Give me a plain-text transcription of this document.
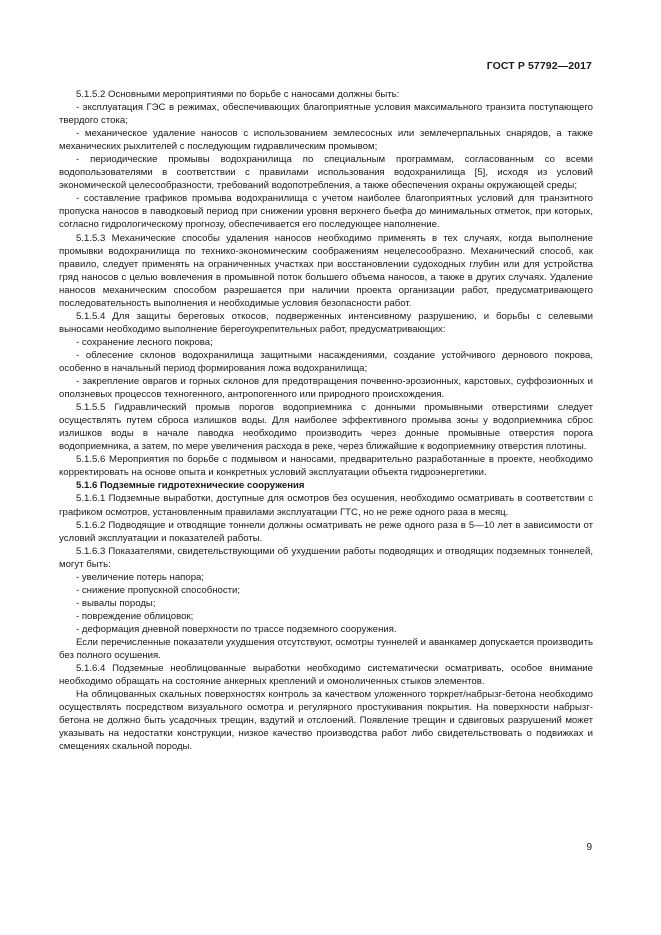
ГОСТ Р 57792—2017

5.1.5.2 Основными мероприятиями по борьбе с наносами должны быть:

- эксплуатация ГЭС в режимах, обеспечивающих благоприятные условия максимального транзита поступающего твердого стока;

- механическое удаление наносов с использованием землесосных или землечерпальных снарядов, а также механических рыхлителей с последующим гидравлическим промывом;

- периодические промывы водохранилища по специальным программам, согласованным со всеми водопользователями в соответствии с правилами использования водохранилища [5], исходя из условий экономической целесообразности, требований водопотребления, а также обеспечения охраны окружающей среды;

- составление графиков промыва водохранилища с учетом наиболее благоприятных условий для транзитного пропуска наносов в паводковый период при снижении уровня верхнего бьефа до минимальных отметок, при которых, согласно гидрологическому прогнозу, обеспечивается его последующее наполнение.

5.1.5.3 Механические способы удаления наносов необходимо применять в тех случаях, когда выполнение промывки водохранилища по технико-экономическим соображениям нецелесообразно. Механический способ, как правило, следует применять на ограниченных участках при восстановлении судоходных глубин или для устройства гряд наносов с целью вовлечения в промывной поток большего объема наносов, а также в других случаях. Удаление наносов механическим способом разрешается при наличии проекта организации работ, предусматривающего последовательность выполнения и необходимые условия безопасности работ.

5.1.5.4 Для защиты береговых откосов, подверженных интенсивному разрушению, и борьбы с селевыми выносами необходимо выполнение берегоукрепительных работ, предусматривающих:

- сохранение лесного покрова;

- облесение склонов водохранилища защитными насаждениями, создание устойчивого дернового покрова, особенно в начальный период формирования ложа водохранилища;

- закрепление оврагов и горных склонов для предотвращения почвенно-эрозионных, карстовых, суффозионных и оползневых процессов техногенного, антропогенного или природного происхождения.

5.1.5.5 Гидравлический промыв порогов водоприемника с донными промывными отверстиями следует осуществлять путем сброса излишков воды. Для наиболее эффективного промыва зоны у водоприемника сброс излишков воды в начале паводка необходимо производить через донные промывные отверстия порога водоприемника, а затем, по мере увеличения расхода в реке, через ближайшие к водоприемнику отверстия плотины.

5.1.5.6 Мероприятия по борьбе с подмывом и наносами, предварительно разработанные в проекте, необходимо корректировать на основе опыта и конкретных условий эксплуатации объекта гидроэнергетики.

5.1.6 Подземные гидротехнические сооружения

5.1.6.1 Подземные выработки, доступные для осмотров без осушения, необходимо осматривать в соответствии с графиком осмотров, установленным правилами эксплуатации ГТС, но не реже одного раза в месяц.

5.1.6.2 Подводящие и отводящие тоннели должны осматривать не реже одного раза в 5—10 лет в зависимости от условий эксплуатации и показателей работы.

5.1.6.3 Показателями, свидетельствующими об ухудшении работы подводящих и отводящих подземных тоннелей, могут быть:

- увеличение потерь напора;

- снижение пропускной способности;

- вывалы породы;

- повреждение облицовок;

- деформация дневной поверхности по трассе подземного сооружения.

Если перечисленные показатели ухудшения отсутствуют, осмотры туннелей и аванкамер допускается производить без полного осушения.

5.1.6.4 Подземные необлицованные выработки необходимо систематически осматривать, особое внимание необходимо обращать на состояние анкерных креплений и омоноличенных стыков элементов.

На облицованных скальных поверхностях контроль за качеством уложенного торкрет/набрызг-бетона необходимо осуществлять посредством визуального осмотра и регулярного простукивания покрытия. На поверхности набрызг-бетона не должно быть усадочных трещин, вздутий и отслоений. Появление трещин и сдвиговых разрушений может указывать на недостатки конструкции, низкое качество производства работ либо свидетельствовать о подвижках и смещениях скальной породы.

9
